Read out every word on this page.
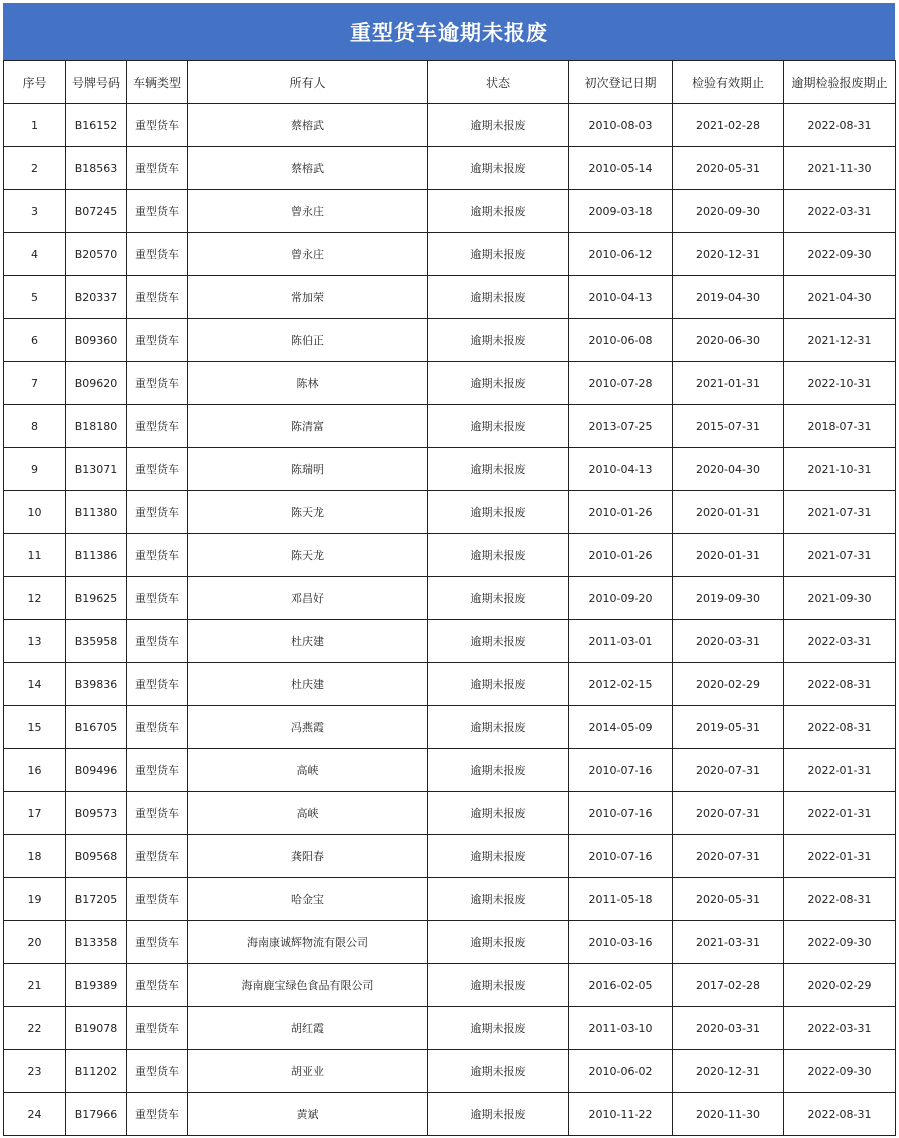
重型货车逾期未报废
序号	号牌号码	车辆类型	所有人	状态	初次登记日期	检验有效期止	逾期检验报废期止
1	B16152	重型货车	蔡榕武	逾期未报废	2010-08-03	2021-02-28	2022-08-31
2	B18563	重型货车	蔡榕武	逾期未报废	2010-05-14	2020-05-31	2021-11-30
3	B07245	重型货车	曾永庄	逾期未报废	2009-03-18	2020-09-30	2022-03-31
4	B20570	重型货车	曾永庄	逾期未报废	2010-06-12	2020-12-31	2022-09-30
5	B20337	重型货车	常加荣	逾期未报废	2010-04-13	2019-04-30	2021-04-30
6	B09360	重型货车	陈伯正	逾期未报废	2010-06-08	2020-06-30	2021-12-31
7	B09620	重型货车	陈林	逾期未报废	2010-07-28	2021-01-31	2022-10-31
8	B18180	重型货车	陈清富	逾期未报废	2013-07-25	2015-07-31	2018-07-31
9	B13071	重型货车	陈瑞明	逾期未报废	2010-04-13	2020-04-30	2021-10-31
10	B11380	重型货车	陈天龙	逾期未报废	2010-01-26	2020-01-31	2021-07-31
11	B11386	重型货车	陈天龙	逾期未报废	2010-01-26	2020-01-31	2021-07-31
12	B19625	重型货车	邓昌好	逾期未报废	2010-09-20	2019-09-30	2021-09-30
13	B35958	重型货车	杜庆建	逾期未报废	2011-03-01	2020-03-31	2022-03-31
14	B39836	重型货车	杜庆建	逾期未报废	2012-02-15	2020-02-29	2022-08-31
15	B16705	重型货车	冯燕霞	逾期未报废	2014-05-09	2019-05-31	2022-08-31
16	B09496	重型货车	高峡	逾期未报废	2010-07-16	2020-07-31	2022-01-31
17	B09573	重型货车	高峡	逾期未报废	2010-07-16	2020-07-31	2022-01-31
18	B09568	重型货车	龚阳春	逾期未报废	2010-07-16	2020-07-31	2022-01-31
19	B17205	重型货车	哈金宝	逾期未报废	2011-05-18	2020-05-31	2022-08-31
20	B13358	重型货车	海南康诚辉物流有限公司	逾期未报废	2010-03-16	2021-03-31	2022-09-30
21	B19389	重型货车	海南鹿宝绿色食品有限公司	逾期未报废	2016-02-05	2017-02-28	2020-02-29
22	B19078	重型货车	胡红霞	逾期未报废	2011-03-10	2020-03-31	2022-03-31
23	B11202	重型货车	胡亚业	逾期未报废	2010-06-02	2020-12-31	2022-09-30
24	B17966	重型货车	黄斌	逾期未报废	2010-11-22	2020-11-30	2022-08-31
